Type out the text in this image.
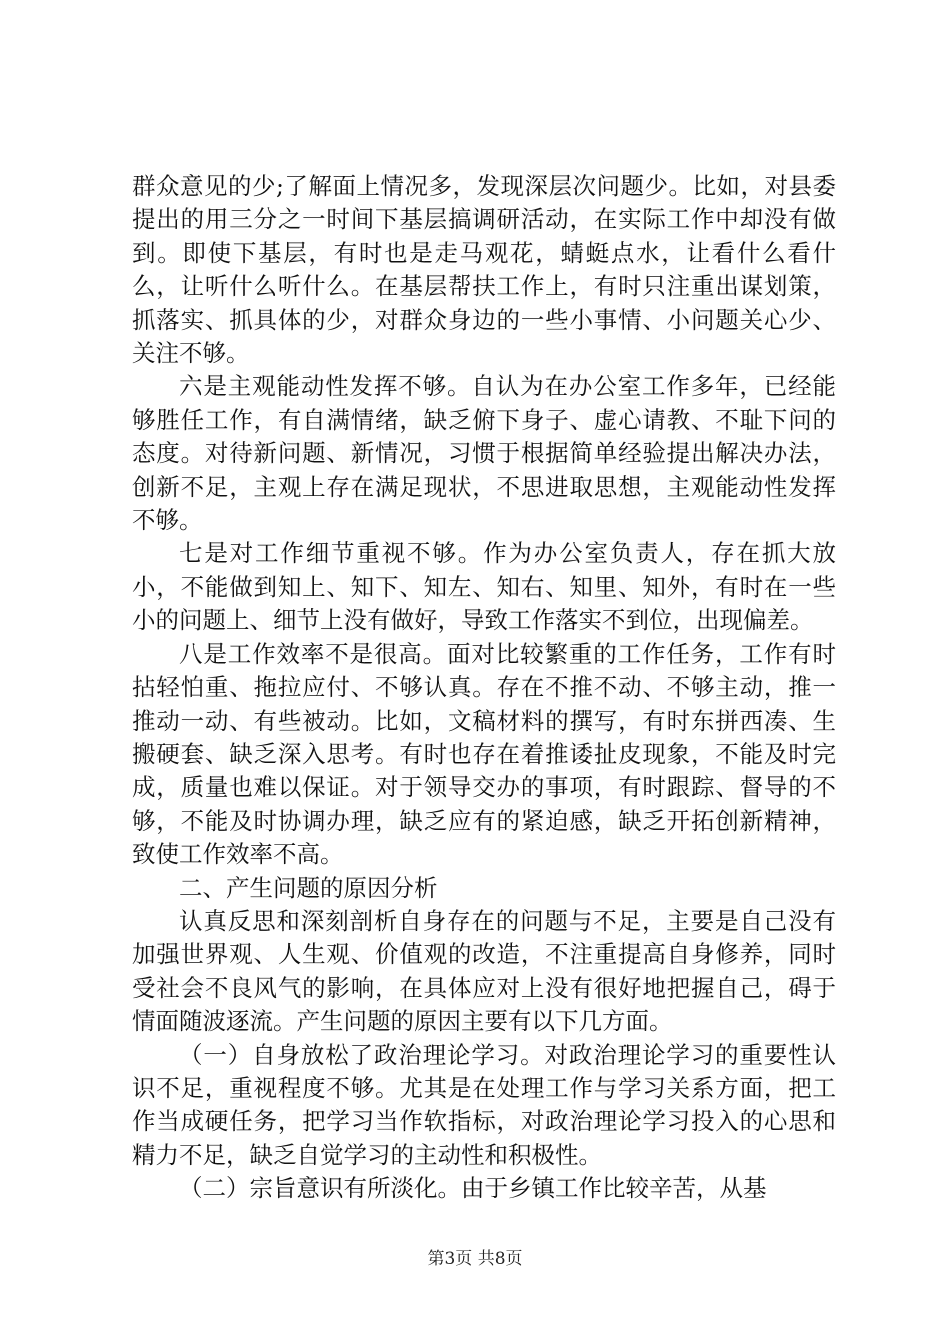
群众意见的少;了解面上情况多，发现深层次问题少。比如，对县委提出的用三分之一时间下基层搞调研活动，在实际工作中却没有做到。即使下基层，有时也是走马观花，蜻蜓点水，让看什么看什么，让听什么听什么。在基层帮扶工作上，有时只注重出谋划策，抓落实、抓具体的少，对群众身边的一些小事情、小问题关心少、关注不够。

六是主观能动性发挥不够。自认为在办公室工作多年，已经能够胜任工作，有自满情绪，缺乏俯下身子、虚心请教、不耻下问的态度。对待新问题、新情况，习惯于根据简单经验提出解决办法，创新不足，主观上存在满足现状，不思进取思想，主观能动性发挥不够。

七是对工作细节重视不够。作为办公室负责人，存在抓大放小，不能做到知上、知下、知左、知右、知里、知外，有时在一些小的问题上、细节上没有做好，导致工作落实不到位，出现偏差。

八是工作效率不是很高。面对比较繁重的工作任务，工作有时拈轻怕重、拖拉应付、不够认真。存在不推不动、不够主动，推一推动一动、有些被动。比如，文稿材料的撰写，有时东拼西凑、生搬硬套、缺乏深入思考。有时也存在着推诿扯皮现象，不能及时完成，质量也难以保证。对于领导交办的事项，有时跟踪、督导的不够，不能及时协调办理，缺乏应有的紧迫感，缺乏开拓创新精神，致使工作效率不高。

二、产生问题的原因分析

认真反思和深刻剖析自身存在的问题与不足，主要是自己没有加强世界观、人生观、价值观的改造，不注重提高自身修养，同时受社会不良风气的影响，在具体应对上没有很好地把握自己，碍于情面随波逐流。产生问题的原因主要有以下几方面。

（一）自身放松了政治理论学习。对政治理论学习的重要性认识不足，重视程度不够。尤其是在处理工作与学习关系方面，把工作当成硬任务，把学习当作软指标，对政治理论学习投入的心思和精力不足，缺乏自觉学习的主动性和积极性。

（二）宗旨意识有所淡化。由于乡镇工作比较辛苦，从基

第3页 共8页
